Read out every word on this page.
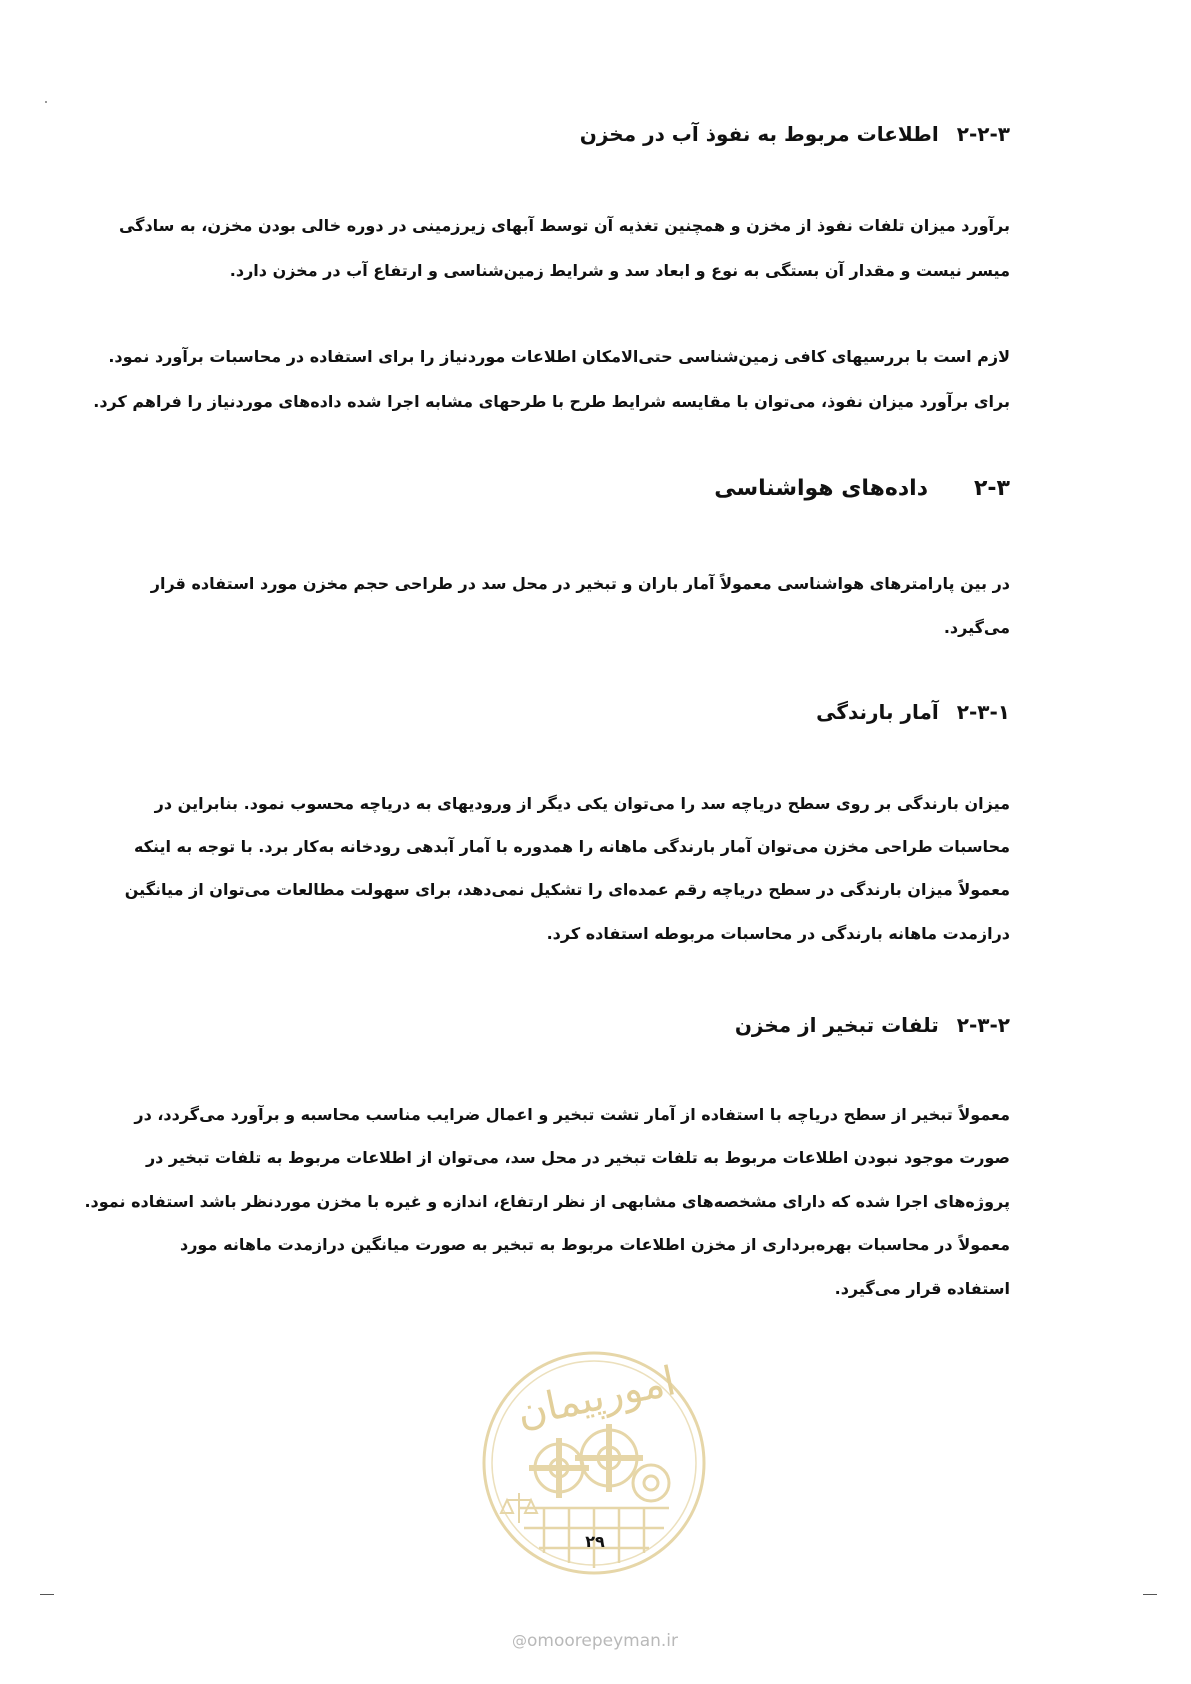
۲-۲-۳اطلاعات مربوط به نفوذ آب در مخزن
برآورد میزان تلفات نفوذ از مخزن و همچنین تغذیه آن توسط آبهای زیرزمینی در دوره خالی بودن مخزن، به سادگی
میسر نیست و مقدار آن بستگی به نوع و ابعاد سد و شرایط زمین‌شناسی و ارتفاع آب در مخزن دارد.
لازم است با بررسیهای کافی زمین‌شناسی حتی‌الامکان اطلاعات موردنیاز را برای استفاده در محاسبات برآورد نمود.
برای برآورد میزان نفوذ، می‌توان با مقایسه شرایط طرح با طرحهای مشابه اجرا شده داده‌های موردنیاز را فراهم کرد.
۲-۳داده‌های هواشناسی
در بین پارامترهای هواشناسی معمولاً آمار باران و تبخیر در محل سد در طراحی حجم مخزن مورد استفاده قرار
می‌گیرد.
۲-۳-۱آمار بارندگی
میزان بارندگی بر روی سطح دریاچه سد را می‌توان یکی دیگر از ورودیهای به دریاچه محسوب نمود. بنابراین در
محاسبات طراحی مخزن می‌توان آمار بارندگی ماهانه را همدوره با آمار آبدهی رودخانه به‌کار برد. با توجه به اینکه
معمولاً میزان بارندگی در سطح دریاچه رقم عمده‌ای را تشکیل نمی‌دهد، برای سهولت مطالعات می‌توان از میانگین
درازمدت ماهانه بارندگی در محاسبات مربوطه استفاده کرد.
۲-۳-۲تلفات تبخیر از مخزن
معمولاً تبخیر از سطح دریاچه با استفاده از آمار تشت تبخیر و اعمال ضرایب مناسب محاسبه و برآورد می‌گردد، در
صورت موجود نبودن اطلاعات مربوط به تلفات تبخیر در محل سد، می‌توان از اطلاعات مربوط به تلفات تبخیر در
پروژه‌های اجرا شده که دارای مشخصه‌های مشابهی از نظر ارتفاع، اندازه و غیره با مخزن موردنظر باشد استفاده نمود.
معمولاً در محاسبات بهره‌برداری از مخزن اطلاعات مربوط به تبخیر به صورت میانگین درازمدت ماهانه مورد
استفاده قرار می‌گیرد.
امورپیمان
۲۹
@omoorepeyman.ir
